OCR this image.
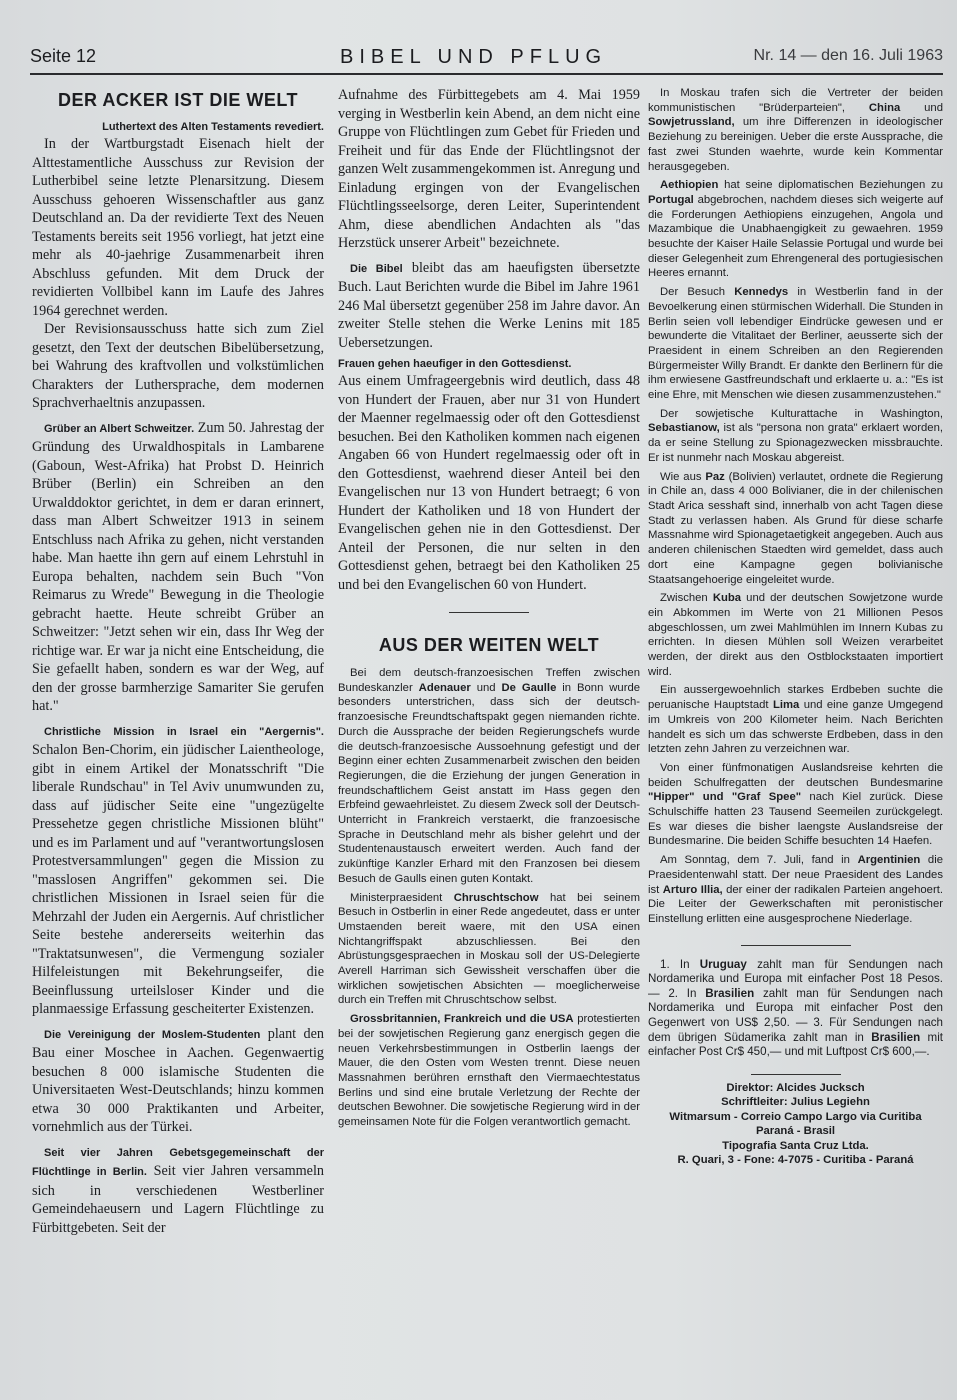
Seite 12	BIBEL UND PFLUG	Nr. 14 — den 16. Juli 1963
DER ACKER IST DIE WELT
Luthertext des Alten Testaments revediert.

In der Wartburgstadt Eisenach hielt der Alttestamentliche Ausschuss zur Revision der Lutherbibel seine letzte Plenarsitzung. Diesem Ausschuss gehoeren Wissenschaftler aus ganz Deutschland an. Da der revidierte Text des Neuen Testaments bereits seit 1956 vorliegt, hat jetzt eine mehr als 40-jaehrige Zusammenarbeit ihren Abschluss gefunden. Mit dem Druck der revidierten Vollbibel kann im Laufe des Jahres 1964 gerechnet werden.

Der Revisionsausschuss hatte sich zum Ziel gesetzt, den Text der deutschen Bibelübersetzung, bei Wahrung des kraftvollen und volkstümlichen Charakters der Luthersprache, dem modernen Sprachverhaeltnis anzupassen.

Grüber an Albert Schweitzer. Zum 50. Jahrestag der Gründung des Urwaldhospitals in Lambarene (Gaboun, West-Afrika) hat Probst D. Heinrich Brüber (Berlin) ein Schreiben an den Urwalddoktor gerichtet, in dem er daran erinnert, dass man Albert Schweitzer 1913 in seinem Entschluss nach Afrika zu gehen, nicht verstanden habe. Man haette ihn gern auf einem Lehrstuhl in Europa behalten, nachdem sein Buch "Von Reimarus zu Wrede" Bewegung in die Theologie gebracht haette. Heute schreibt Grüber an Schweitzer: "Jetzt sehen wir ein, dass Ihr Weg der richtige war. Er war ja nicht eine Entscheidung, die Sie gefaellt haben, sondern es war der Weg, auf den der grosse barmherzige Samariter Sie gerufen hat."

Christliche Mission in Israel ein "Aergernis". Schalon Ben-Chorim, ein jüdischer Laientheologe, gibt in einem Artikel der Monatsschrift "Die liberale Rundschau" in Tel Aviv unumwunden zu, dass auf jüdischer Seite eine "ungezügelte Pressehetze gegen christliche Missionen blüht" und es im Parlament und auf "verantwortungslosen Protestversammlungen" gegen die Mission zu "masslosen Angriffen" gekommen sei. Die christlichen Missionen in Israel seien für die Mehrzahl der Juden ein Aergernis. Auf christlicher Seite bestehe andererseits weiterhin das "Traktatsunwesen", die Vermengung sozialer Hilfeleistungen mit Bekehrungseifer, die Beeinflussung urteilsloser Kinder und die planmaessige Erfassung gescheiterter Existenzen.

Die Vereinigung der Moslem-Studenten plant den Bau einer Moschee in Aachen. Gegenwaertig besuchen 8 000 islamische Studenten die Universitaeten West-Deutschlands; hinzu kommen etwa 30 000 Praktikanten und Arbeiter, vornehmlich aus der Türkei.

Seit vier Jahren Gebetsgegemeinschaft der Flüchtlinge in Berlin. Seit vier Jahren versammeln sich in verschiedenen Westberliner Gemeindehaeusern und Lagern Flüchtlinge zu Fürbittgebeten. Seit der

Aufnahme des Fürbittegebets am 4. Mai 1959 verging in Westberlin kein Abend, an dem nicht eine Gruppe von Flüchtlingen zum Gebet für Frieden und Freiheit und für das Ende der Flüchtlingsnot der ganzen Welt zusammengekommen ist. Anregung und Einladung ergingen von der Evangelischen Flüchtlingsseelsorge, deren Leiter, Superintendent Ahm, diese abendlichen Andachten als "das Herzstück unserer Arbeit" bezeichnete.

Die Bibel bleibt das am haeufigsten übersetzte Buch. Laut Berichten wurde die Bibel im Jahre 1961 246 Mal übersetzt gegenüber 258 im Jahre davor. An zweiter Stelle stehen die Werke Lenins mit 185 Uebersetzungen.

Frauen gehen haeufiger in den Gottesdienst.

Aus einem Umfrageergebnis wird deutlich, dass 48 von Hundert der Frauen, aber nur 31 von Hundert der Maenner regelmaessig oder oft den Gottesdienst besuchen. Bei den Katholiken kommen nach eigenen Angaben 66 von Hundert regelmaessig oder oft in den Gottesdienst, waehrend dieser Anteil bei den Evangelischen nur 13 von Hundert betraegt; 6 von Hundert der Katholiken und 18 von Hundert der Evangelischen gehen nie in den Gottesdienst. Der Anteil der Personen, die nur selten in den Gottesdienst gehen, betraegt bei den Katholiken 25 und bei den Evangelischen 60 von Hundert.

AUS DER WEITEN WELT

Bei dem deutsch-franzoesischen Treffen zwischen Bundeskanzler Adenauer und De Gaulle in Bonn wurde besonders unterstrichen, dass sich der deutsch-franzoesische Freundtschaftspakt gegen niemanden richte. Durch die Aussprache der beiden Regierungschefs wurde die deutsch-franzoesische Aussoehnung gefestigt und der Beginn einer echten Zusammenarbeit zwischen den beiden Regierungen, die die Erziehung der jungen Generation in freundschaftlichem Geist anstatt im Hass gegen den Erbfeind gewaehrleistet. Zu diesem Zweck soll der Deutsch-Unterricht in Frankreich verstaerkt, die franzoesische Sprache in Deutschland mehr als bisher gelehrt und der Studentenaustausch erweitert werden. Auch fand der zukünftige Kanzler Erhard mit den Franzosen bei diesem Besuch de Gaulls einen guten Kontakt.

Ministerpraesident Chruschtschow hat bei seinem Besuch in Ostberlin in einer Rede angedeutet, dass er unter Umstaenden bereit waere, mit den USA einen Nichtangriffspakt abzuschliessen. Bei den Abrüstungsgespraechen in Moskau soll der US-Delegierte Averell Harriman sich Gewissheit verschaffen über die wirklichen sowjetischen Absichten — moeglicherweise durch ein Treffen mit Chruschtschow selbst.

Grossbritannien, Frankreich und die USA protestierten bei der sowjetischen Regierung ganz energisch gegen die neuen Verkehrsbestimmungen in Ostberlin laengs der Mauer, die den Osten vom Westen trennt. Diese neuen Massnahmen berühren ernsthaft den Viermaechtestatus Berlins und sind eine brutale Verletzung der Rechte der deutschen Bewohner. Die sowjetische Regierung wird in der gemeinsamen Note für die Folgen verantwortlich gemacht.

In Moskau trafen sich die Vertreter der beiden kommunistischen "Brüderparteien", China und Sowjetrussland, um ihre Differenzen in ideologischer Beziehung zu bereinigen. Ueber die erste Aussprache, die fast zwei Stunden waehrte, wurde kein Kommentar herausgegeben.

Aethiopien hat seine diplomatischen Beziehungen zu Portugal abgebrochen, nachdem dieses sich weigerte auf die Forderungen Aethiopiens einzugehen, Angola und Mazambique die Unabhaengigkeit zu gewaehren. 1959 besuchte der Kaiser Haile Selassie Portugal und wurde bei dieser Gelegenheit zum Ehrengeneral des portugiesischen Heeres ernannt.

Der Besuch Kennedys in Westberlin fand in der Bevoelkerung einen stürmischen Widerhall. Die Stunden in Berlin seien voll lebendiger Eindrücke gewesen und er bewunderte die Vitalitaet der Berliner, aeusserte sich der Praesident in einem Schreiben an den Regierenden Bürgermeister Willy Brandt. Er dankte den Berlinern für die ihm erwiesene Gastfreundschaft und erklaerte u. a.: "Es ist eine Ehre, mit Menschen wie diesen zusammenzustehen."

Der sowjetische Kulturattache in Washington, Sebastianow, ist als "persona non grata" erklaert worden, da er seine Stellung zu Spionagezwecken missbrauchte. Er ist nunmehr nach Moskau abgereist.

Wie aus Paz (Bolivien) verlautet, ordnete die Regierung in Chile an, dass 4 000 Bolivianer, die in der chilenischen Stadt Arica sesshaft sind, innerhalb von acht Tagen diese Stadt zu verlassen haben. Als Grund für diese scharfe Massnahme wird Spionagetaetigkeit angegeben. Auch aus anderen chilenischen Staedten wird gemeldet, dass auch dort eine Kampagne gegen bolivianische Staatsangehoerige eingeleitet wurde.

Zwischen Kuba und der deutschen Sowjetzone wurde ein Abkommen im Werte von 21 Millionen Pesos abgeschlossen, um zwei Mahlmühlen im Innern Kubas zu errichten. In diesen Mühlen soll Weizen verarbeitet werden, der direkt aus den Ostblockstaaten importiert wird.

Ein aussergewoehnlich starkes Erdbeben suchte die peruanische Hauptstadt Lima und eine ganze Umgegend im Umkreis von 200 Kilometer heim. Nach Berichten handelt es sich um das schwerste Erdbeben, dass in den letzten zehn Jahren zu verzeichnen war.

Von einer fünfmonatigen Auslandsreise kehrten die beiden Schulfregatten der deutschen Bundesmarine "Hipper" und "Graf Spee" nach Kiel zurück. Diese Schulschiffe hatten 23 Tausend Seemeilen zurückgelegt. Es war dieses die bisher laengste Auslandsreise der Bundesmarine. Die beiden Schiffe besuchten 14 Haefen.

Am Sonntag, dem 7. Juli, fand in Argentinien die Praesidentenwahl statt. Der neue Praesident des Landes ist Arturo Illia, der einer der radikalen Parteien angehoert. Die Leiter der Gewerkschaften mit peronistischer Einstellung erlitten eine ausgesprochene Niederlage.

1. In Uruguay zahlt man für Sendungen nach Nordamerika und Europa mit einfacher Post 18 Pesos. — 2. In Brasilien zahlt man für Sendungen nach Nordamerika und Europa mit einfacher Post den Gegenwert von US$ 2,50. — 3. Für Sendungen nach dem übrigen Südamerika zahlt man in Brasilien mit einfacher Post Cr$ 450,— und mit Luftpost Cr$ 600,—.

Direktor: Alcides Jucksch
Schriftleiter: Julius Legiehn
Witmarsum - Correio Campo Largo via Curitiba
Paraná - Brasil
Tipografia Santa Cruz Ltda.
R. Quari, 3 - Fone: 4-7075 - Curitiba - Paraná
